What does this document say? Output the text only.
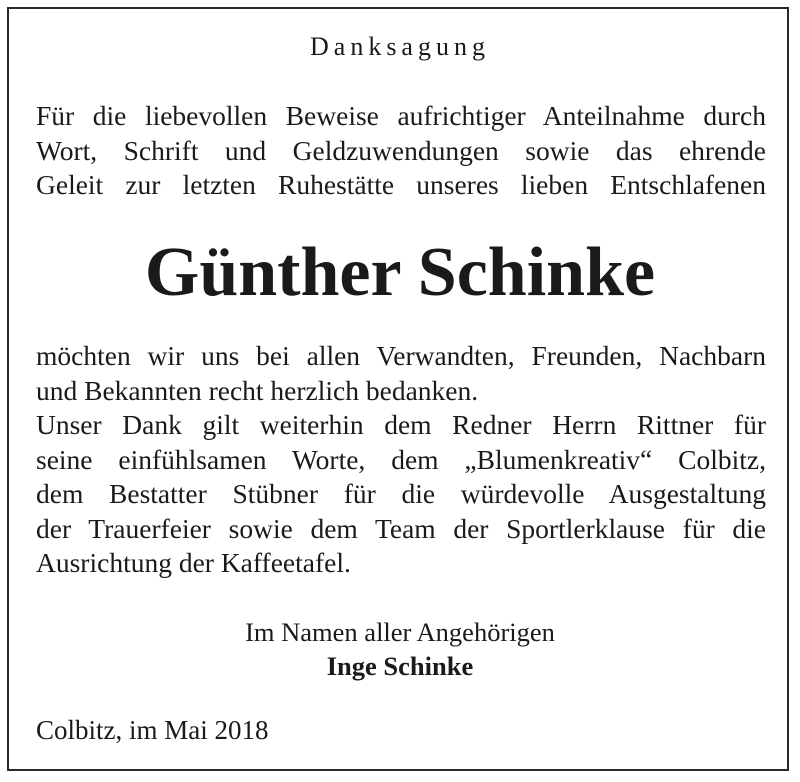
Danksagung
Für die liebevollen Beweise aufrichtiger Anteilnahme durch
Wort, Schrift und Geldzuwendungen sowie das ehrende
Geleit zur letzten Ruhestätte unseres lieben Entschlafenen
Günther Schinke
möchten wir uns bei allen Verwandten, Freunden, Nachbarn
und Bekannten recht herzlich bedanken.
Unser Dank gilt weiterhin dem Redner Herrn Rittner für
seine einfühlsamen Worte, dem „Blumenkreativ“ Colbitz,
dem Bestatter Stübner für die würdevolle Ausgestaltung
der Trauerfeier sowie dem Team der Sportlerklause für die
Ausrichtung der Kaffeetafel.
Im Namen aller Angehörigen
Inge Schinke
Colbitz, im Mai 2018
